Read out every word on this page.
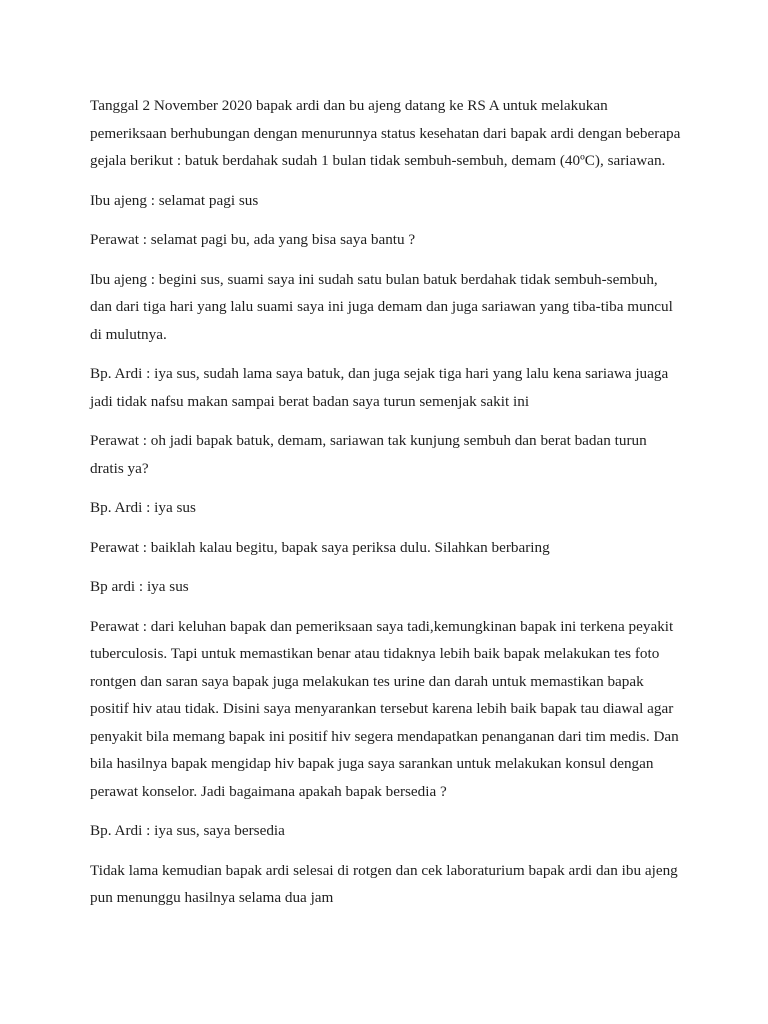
Tanggal 2 November 2020 bapak ardi dan bu ajeng datang ke RS A untuk melakukan
pemeriksaan berhubungan dengan menurunnya status kesehatan dari bapak ardi dengan beberapa
gejala berikut : batuk berdahak sudah 1 bulan tidak sembuh-sembuh, demam (40ºC), sariawan.

Ibu ajeng : selamat pagi sus

Perawat : selamat pagi bu, ada yang bisa saya bantu ?

Ibu ajeng : begini sus, suami saya ini sudah satu bulan batuk berdahak tidak sembuh-sembuh,
dan dari tiga hari yang lalu suami saya ini juga demam dan juga sariawan yang tiba-tiba muncul
di mulutnya.

Bp. Ardi : iya sus, sudah lama saya batuk, dan juga sejak tiga hari yang lalu kena sariawa juaga
jadi tidak nafsu makan sampai berat badan saya turun semenjak sakit ini

Perawat : oh jadi bapak batuk, demam, sariawan tak kunjung sembuh dan berat badan turun
dratis ya?

Bp. Ardi : iya sus

Perawat : baiklah kalau begitu, bapak saya periksa dulu. Silahkan berbaring

Bp ardi : iya sus

Perawat : dari keluhan bapak dan pemeriksaan saya tadi,kemungkinan bapak ini terkena peyakit
tuberculosis. Tapi untuk memastikan benar atau tidaknya lebih baik bapak melakukan tes foto
rontgen dan saran saya bapak juga melakukan tes urine dan darah untuk memastikan bapak
positif hiv atau tidak. Disini saya menyarankan tersebut karena lebih baik bapak tau diawal agar
penyakit bila memang bapak ini positif hiv segera mendapatkan penanganan dari tim medis. Dan
bila hasilnya bapak mengidap hiv bapak juga saya sarankan untuk melakukan konsul dengan
perawat konselor. Jadi bagaimana apakah bapak bersedia ?

Bp. Ardi : iya sus, saya bersedia

Tidak lama kemudian bapak ardi selesai di rotgen dan cek laboraturium bapak ardi dan ibu ajeng
pun menunggu hasilnya selama dua jam
